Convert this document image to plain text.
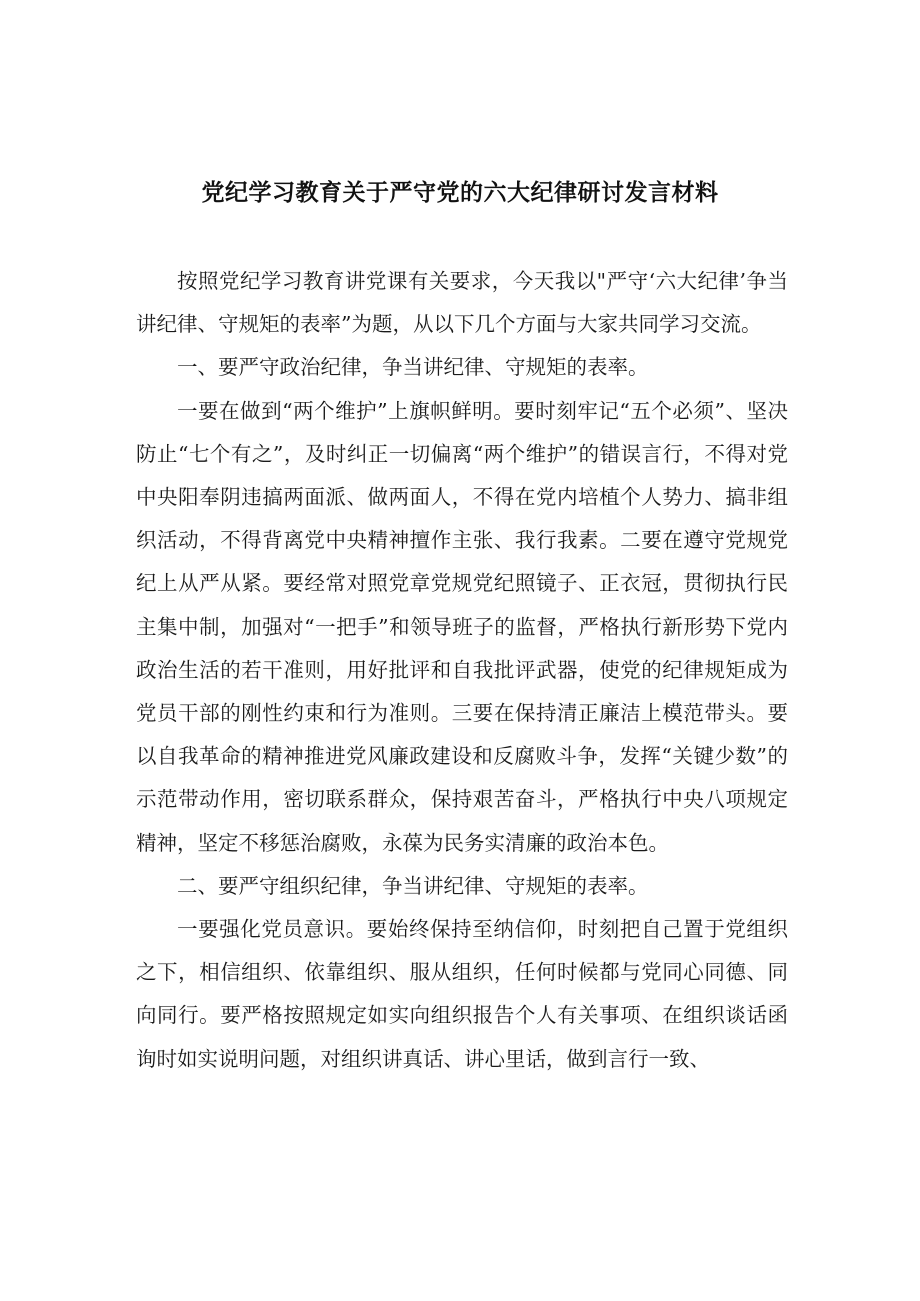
党纪学习教育关于严守党的六大纪律研讨发言材料

按照党纪学习教育讲党课有关要求，今天我以"严守‘六大纪律’争当讲纪律、守规矩的表率”为题，从以下几个方面与大家共同学习交流。

一、要严守政治纪律，争当讲纪律、守规矩的表率。

一要在做到“两个维护”上旗帜鲜明。要时刻牢记“五个必须”、坚决防止“七个有之”，及时纠正一切偏离“两个维护”的错误言行，不得对党中央阳奉阴违搞两面派、做两面人，不得在党内培植个人势力、搞非组织活动，不得背离党中央精神擅作主张、我行我素。二要在遵守党规党纪上从严从紧。要经常对照党章党规党纪照镜子、正衣冠，贯彻执行民主集中制，加强对“一把手”和领导班子的监督，严格执行新形势下党内政治生活的若干准则，用好批评和自我批评武器，使党的纪律规矩成为党员干部的刚性约束和行为准则。三要在保持清正廉洁上模范带头。要以自我革命的精神推进党风廉政建设和反腐败斗争，发挥“关键少数”的示范带动作用，密切联系群众，保持艰苦奋斗，严格执行中央八项规定精神，坚定不移惩治腐败，永葆为民务实清廉的政治本色。

二、要严守组织纪律，争当讲纪律、守规矩的表率。

一要强化党员意识。要始终保持至纳信仰，时刻把自己置于党组织之下，相信组织、依靠组织、服从组织，任何时候都与党同心同德、同向同行。要严格按照规定如实向组织报告个人有关事项、在组织谈话函询时如实说明问题，对组织讲真话、讲心里话，做到言行一致、
